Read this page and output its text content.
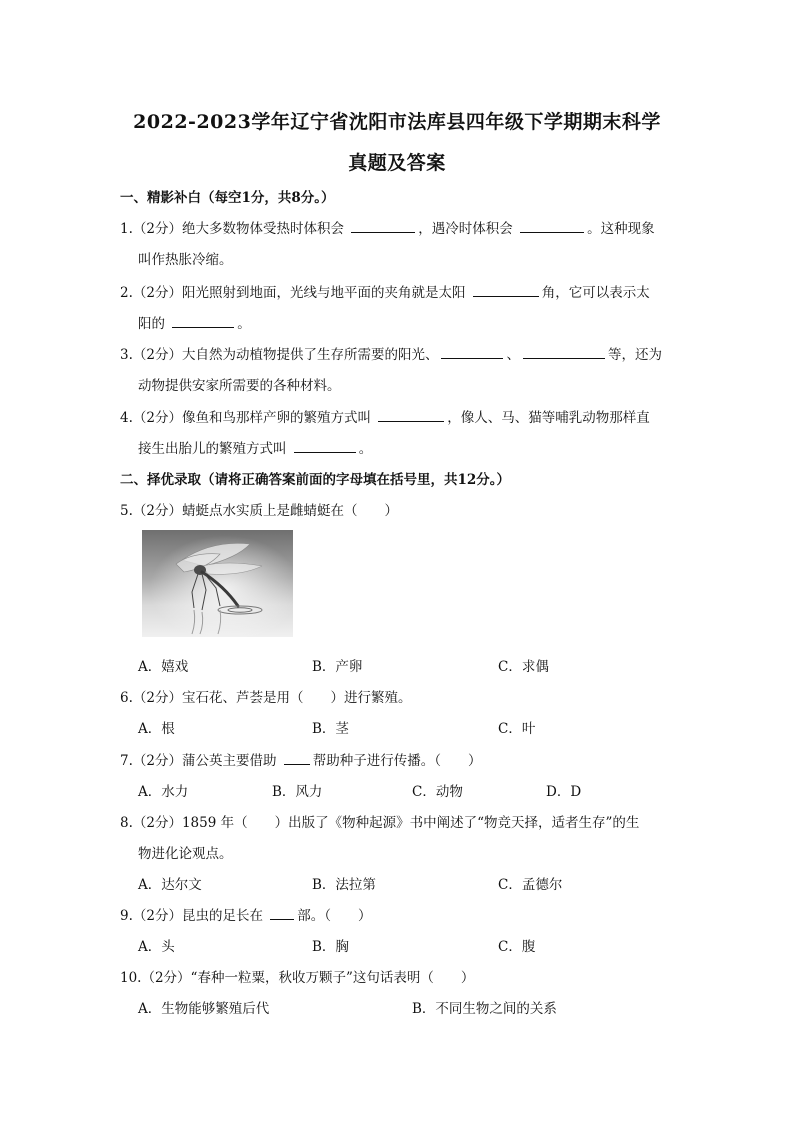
2022-2023学年辽宁省沈阳市法库县四年级下学期期末科学
真题及答案
一、精影补白（每空1分，共8分。）
1.（2分）绝大多数物体受热时体积会	，遇冷时体积会	。这种现象
叫作热胀冷缩。
2.（2分）阳光照射到地面，光线与地平面的夹角就是太阳	角，它可以表示太
阳的	。
3.（2分）大自然为动植物提供了生存所需要的阳光、	、	等，还为
动物提供安家所需要的各种材料。
4.（2分）像鱼和鸟那样产卵的繁殖方式叫	，像人、马、猫等哺乳动物那样直
接生出胎儿的繁殖方式叫	。
二、择优录取（请将正确答案前面的字母填在括号里，共12分。）
5.（2分）蜻蜓点水实质上是雌蜻蜓在（　　）
A．嬉戏	B．产卵	C．求偶
6.（2分）宝石花、芦荟是用（　　）进行繁殖。
A．根	B．茎	C．叶
7.（2分）蒲公英主要借助	帮助种子进行传播。（　　）
A．水力	B．风力	C．动物	D．D
8.（2分）1859 年（　　）出版了《物种起源》书中阐述了“物竞天择，适者生存”的生
物进化论观点。
A．达尔文	B．法拉第	C．孟德尔
9.（2分）昆虫的足长在	部。（　　）
A．头	B．胸	C．腹
10.（2分）“春种一粒粟，秋收万颗子”这句话表明（　　）
A．生物能够繁殖后代	B．不同生物之间的关系
